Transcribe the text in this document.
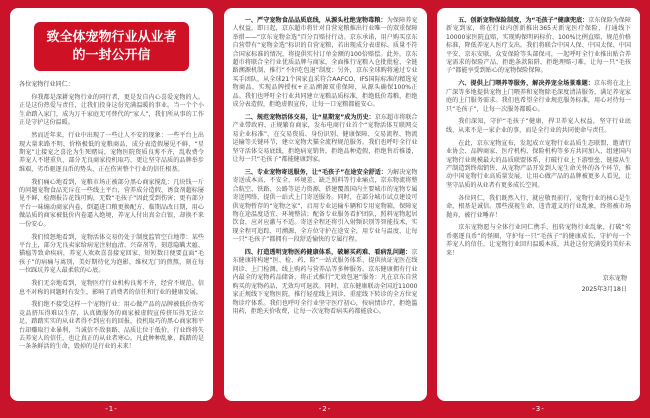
致全体宠物行业从业者
的一封公开信

各位宠物行业同仁：

你我都是深耕宠物行业的同行者，更是发自内心喜爱宠物的人。正是这份热爱与责任，让我们投身这份充满温暖的事业。当一个个小生命踏入家门，成为万千家庭无可替代的“家人”，我们所从事的工作正是守护这份温暖。

然而近年来，行业中出现了一些让人不安的现象：一些平台上出现大量来路不明、价格极低的宠粮商品，成分表造假屡见不鲜，“星期宠”让接宠之喜沦为生死赌局，宠物医院资质良莠不齐，乱收费令养宠人不堪重负，部分无良商家投机取巧，更让坚守品质的品牌举步维艰，劣币驱逐良币的势头，正在伤害整个行业的信任根基。

我们痛心地看到，宠粮市场正被部分黑心商家搅乱：几块钱一斤的问题宠物食品充斥在一些线上平台，营养成分造假、诱食剂超标屡见不鲜，检测报告花钱可购，无数“毛孩子”因此受到伤害；更有部分平台一味煽动商家内卷，倒逼进口粮更换配方、临期品改日期，用心做品质的商家被低价内卷逼入绝境，养宠人付出真金白银，却换不来一份安心。

我们愤怒地看到，宠物活体交易仍处于制度监管空白地带：某些平台上，部分无良卖家给病宠注射血清、兴奋剂等，刻意隐瞒犬瘟、猫瘟等致命疾病，养宠人欢欢喜喜接宠回家，短短数日便要直面“毛孩子”的病痛与离别，美好期待化为泡影，维权无门的煎熬，刻在每一位踩坑养宠人最柔软的心底。

我们无奈地看到，宠物医疗行业机构良莠不齐，经营不规范、信息不对称的问题时有发生，影响了消费者的信任和行业的健康发展。

我们绝不接受这样一个宠物行业：用心做产品的品牌被低价伪劣竞品挤压得难以生存，认真做服务的商家被虚假宣传挤压得无法立足，踏踏实实的从业者得不到应有的回报，投机取巧的黑心商家和平台却赚取行业暴利，当诚信不敌套路、品质让位于低价，行业终将失去养宠人的信任，也让真正的从业者寒心。凡此种种乱象，践踏的是一条条鲜活的生命，毁掉的是行业的未来！

-1-

一、严守宠物食品品质底线，从源头杜绝宠物毒粮：为保障养宠人权益，即日起，京东超市将针对自营宠粮推出行业唯一的双重保障举措——“京东宠物金选”百分百赔付行动。京东承诺，用户购买京东自营带有“宠物金选”标识的自营宠粮，若出现成分表虚标、质量不符合国家标准的情况，将提供实付订单金额的100倍赔偿。此外，京东超市将联合全行业优质品牌与商家，全面推行宠粮入仓批批检、全链路溯源机制，推行“不好吃包退”制度；另外，京东全球购将通过专业买手团队，从全球21个国家直采符合AAFCO、IFS国际标准的精选宠物商品，实现品牌授权+正品溯源双重保障，从源头确保100%正品。我们也呼吁全行业共同建立宠粮品质标准，拒绝低价毒粮，拒绝成分表造假，拒绝虚假宣传，让每一口宠粮都能安心。

二、规范宠物活体交易，让“星期宠”成为历史：京东超市将联合产业带政府、正规繁育商家，发布电商行业首个“宠物活体互联网交易企业标准”，在交易资质、身份识别、健康保障、交易流程、物流运输等关键环节，建立宠物犬猫全流程规范服务。我们也呼吁全行业坚守活体交易底线，拒绝病宠销售，拒绝品种造假，拒绝售后推诿，让每一只“毛孩子”都能健康到家。

三、专业宠物寄送服务，让“毛孩子”在途安全舒适：为解决宠物寄送成本高、不安全、环境差、缺乏照料等行业痛点，京东物流将整合航空、铁路、公路等运力资源，搭建覆盖国内主要城市的宠物专属寄送网络，提供一站式上门寄送服务。同时，在部分城市试点建设可供宠物暂存的“宠物之家”，启用专业运输车辆和专用宠物箱，保障宠物在途温度适宜、环境整洁；配备专业服务看护团队，照料宠物起居饮食，应对应激与不适。寄送全程还将引入射频识别等智能技术，实现全程可追踪、可溯源，全方位守护在途安全，用专业与温度，让每一只“毛孩子”都拥有一段舒适愉快的专属行程。

四、打造透明宠物医药健康体系，破解买药难、看病乱问题：京东健康将构建“医、检、药、险”一站式服务体系，提供执证宠医在线问诊、上门检测、线上购药与营养品等多种服务。京东健康拥有行业内最全的宠物药品储备，将正式推行“无效包退”服务：凡在京东自营购买的宠物药品，无效均可退款。同时，京东健康联动全国近11000家正规线下宠物医院，推行轻症线上问诊、重症线下转诊的全方位宠物诊疗体系。我们也呼吁全行业坚守医疗初心，按病情诊疗，拒绝滥用药，拒绝天价收费，让每一次宠物看病买药都能放心。

-2-

五、创新宠物保险制度，为“毛孩子”健康兜底：京东保险为保障新宠到家，将在行业内创新推出365天新宠医疗保险，打通线下10000家医院直赔，实现购保明码标价、100%比例直赔，规范价格标准，降低养宠人医疗支出。我们将联合中国人保、中国太保、中国平安、京东安联、众安保险等头部保司，一起呼吁全行业推出贴合养宠需求的保险产品，拒绝条款陷阱、拒绝理赔刁难，让每一只“毛孩子”都能享受到贴心的宠物保险保障。

六、提供上门喂养等服务，解决养宠全场景难题：京东将在北上广深等多地提供宠物上门喂养和宠物除毛深度清洁服务，满足养宠家庭的上门服务需求。我们也希望全行业规范服务标准，用心对待每一只“毛孩子”，让每一次服务都暖心。

我们深知，守护“毛孩子”健康，捍卫养宠人权益，坚守行业底线，从来不是一家企业的事，而是全行业的共同使命与责任。

在此，京东宠物宣布，发起成立宠物行业品质生态联盟，邀请行业协会、品牌商家、医疗机构、保险机构等多方共同加入，组建国内宠物行业规模最大的品质联盟体系，打破行业上下游壁垒，链接从生产制造到终端销售、从宠物产品开发到人宠生命关怀的各个环节，推动中国宠物行业高质量发展，让用心做产品的品牌被更多人看见，让坚守品质的从业者有更多成长空间。

各位同仁，我们既然入行，就应敬畏前行，宠物行业的核心是生命，根基是诚信。那些漠视生命、违背道义的行业乱象，终将被市场抛弃，被行业唾弃！

京东宠物愿与全体行业同仁携手，扭转宠物行业乱象，打破“劣币驱逐良币”的怪圈，守护每一只“毛孩子”的健康成长，守护每一个养宠人的信任，让宠物行业回归温暖本质，共赴这份充满爱的美好未来！

京东宠物
2025年3月18日
-3-
